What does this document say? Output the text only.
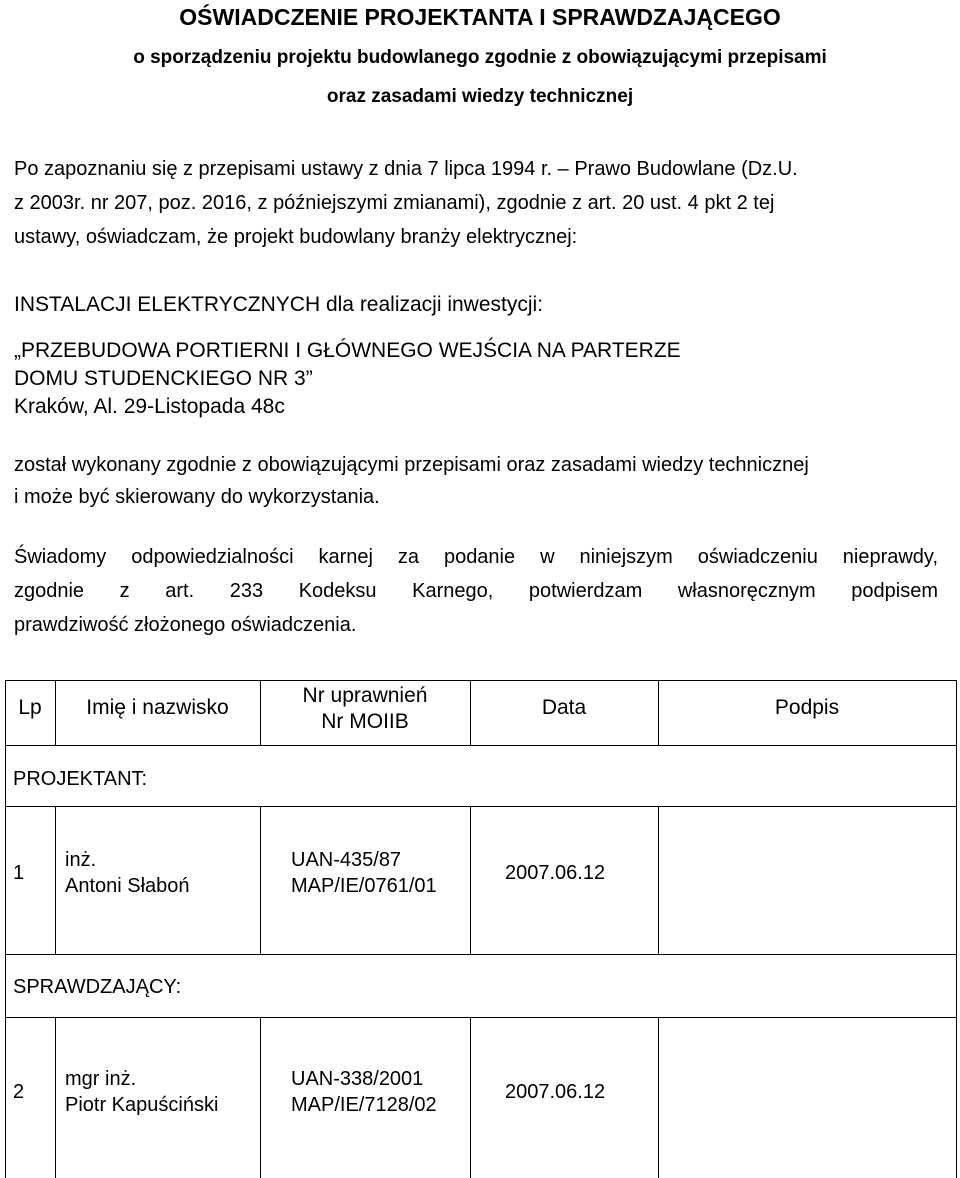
OŚWIADCZENIE PROJEKTANTA I SPRAWDZAJĄCEGO
o sporządzeniu projektu budowlanego zgodnie z obowiązującymi przepisami
oraz zasadami wiedzy technicznej
Po zapoznaniu się z przepisami ustawy z dnia 7 lipca 1994 r. – Prawo Budowlane (Dz.U.
z 2003r. nr 207, poz. 2016, z późniejszymi zmianami), zgodnie z art. 20 ust. 4 pkt 2 tej
ustawy, oświadczam, że projekt budowlany branży elektrycznej:
INSTALACJI ELEKTRYCZNYCH dla realizacji inwestycji:
„PRZEBUDOWA PORTIERNI I GŁÓWNEGO WEJŚCIA NA PARTERZE
DOMU STUDENCKIEGO NR 3”
Kraków, Al. 29-Listopada 48c
został wykonany zgodnie z obowiązującymi przepisami oraz zasadami wiedzy technicznej
i może być skierowany do wykorzystania.
Świadomy odpowiedzialności karnej za podanie w niniejszym oświadczeniu nieprawdy,
zgodnie z art. 233 Kodeksu Karnego, potwierdzam własnoręcznym podpisem
prawdziwość złożonego oświadczenia.
Lp	Imię i nazwisko
Nr uprawnień
Nr MOIIB
Data	Podpis
PROJEKTANT:
1
inż.
Antoni Słaboń
UAN-435/87
MAP/IE/0761/01
2007.06.12
SPRAWDZAJĄCY:
2
mgr inż.
Piotr Kapuściński
UAN-338/2001
MAP/IE/7128/02
2007.06.12
